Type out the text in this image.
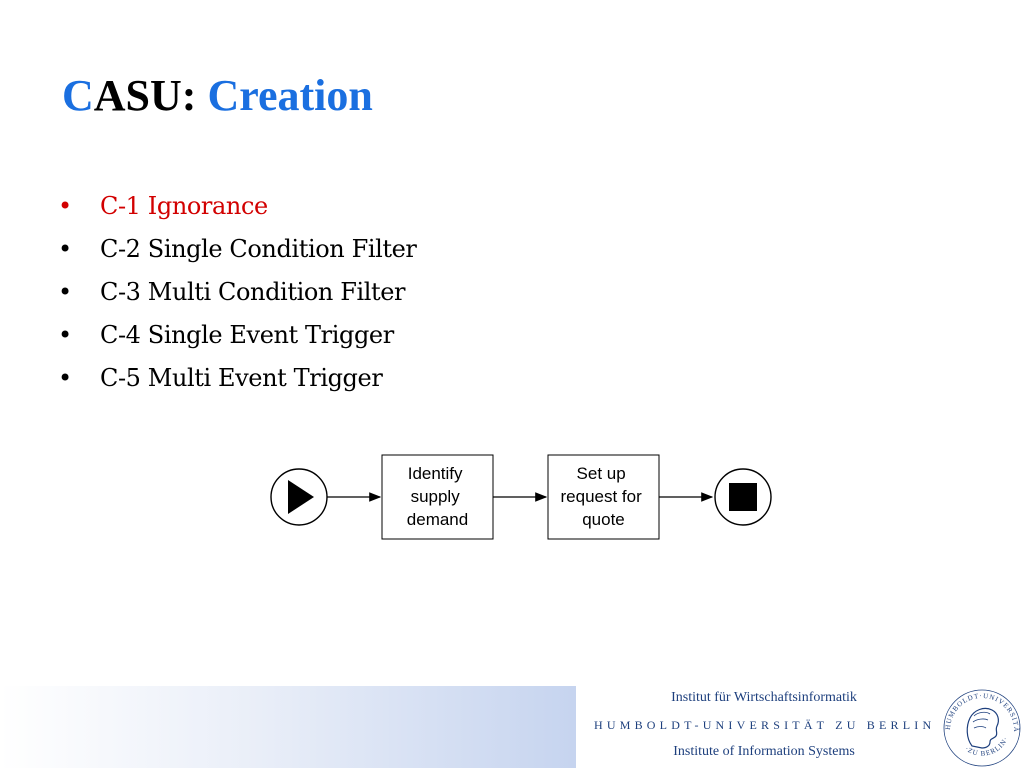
CASU: Creation
• C-1 Ignorance
• C-2 Single Condition Filter
• C-3 Multi Condition Filter
• C-4 Single Event Trigger
• C-5 Multi Event Trigger
Identify supply demand
Set up request for quote
Institut für Wirtschaftsinformatik
HUMBOLDT-UNIVERSITÄT ZU BERLIN
Institute of Information Systems
HUMBOLDT·UNIVERSITÄ
·ZU BERLIN·
